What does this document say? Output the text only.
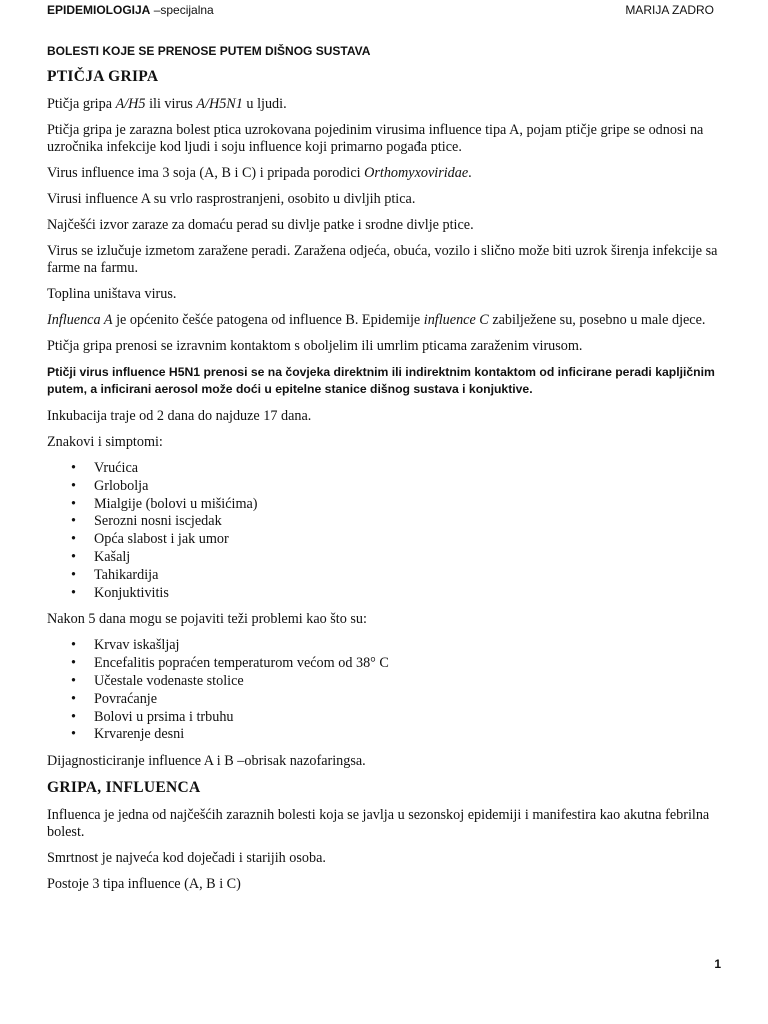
EPIDEMIOLOGIJA –specijalna	MARIJA ZADRO
BOLESTI KOJE SE PRENOSE PUTEM DIŠNOG SUSTAVA
PTIČJA GRIPA

Ptičja gripa A/H5 ili virus A/H5N1 u ljudi.

Ptičja gripa je zarazna bolest ptica uzrokovana pojedinim virusima influence tipa A, pojam ptičje gripe se odnosi na uzročnika infekcije kod ljudi i soju influence koji primarno pogađa ptice.

Virus influence ima 3 soja (A, B i C) i pripada porodici Orthomyxoviridae.

Virusi influence A su vrlo rasprostranjeni, osobito u divljih ptica.

Najčešći izvor zaraze za domaću perad su divlje patke i srodne divlje ptice.

Virus se izlučuje izmetom zaražene peradi. Zaražena odjeća, obuća, vozilo i slično može biti uzrok širenja infekcije sa farme na farmu.

Toplina uništava virus.

Influenca A je općenito češće patogena od influence B. Epidemije influence C zabilježene su, posebno u male djece.

Ptičja gripa prenosi se izravnim kontaktom s oboljelim ili umrlim pticama zaraženim virusom.

Ptičji virus influence H5N1 prenosi se na čovjeka direktnim ili indirektnim kontaktom od inficirane peradi kapljičnim putem, a inficirani aerosol može doći u epitelne stanice dišnog sustava i konjuktive.

Inkubacija traje od 2 dana do najduze 17 dana.

Znakovi i simptomi:

• Vrućica
• Grlobolja
• Mialgije (bolovi u mišićima)
• Serozni nosni iscjedak
• Opća slabost i jak umor
• Kašalj
• Tahikardija
• Konjuktivitis

Nakon 5 dana mogu se pojaviti teži problemi kao što su:

• Krvav iskašljaj
• Encefalitis popraćen temperaturom većom od 38° C
• Učestale vodenaste stolice
• Povraćanje
• Bolovi u prsima i trbuhu
• Krvarenje desni

Dijagnosticiranje influence A i B –obrisak nazofaringsa.

GRIPA, INFLUENCA

Influenca je jedna od najčešćih zaraznih bolesti koja se javlja u sezonskoj epidemiji i manifestira kao akutna febrilna bolest.

Smrtnost je najveća kod doječadi i starijih osoba.

Postoje 3 tipa influence (A, B i C)

1
